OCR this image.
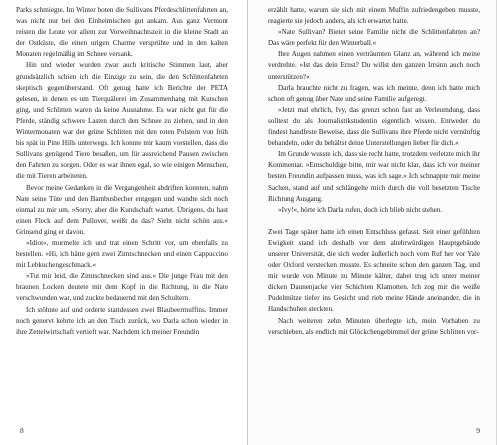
Parks schmiegte. Im Winter boten die Sullivans Pferdeschlittenfahrten an, was nicht nur bei den Einheimischen gut ankam. Aus ganz Vermont reisten die Leute vor allem zur Vorweihnachtszeit in die kleine Stadt an der Ostküste, die einen urigen Charme versprühte und in den kalten Monaten regelmäßig im Schnee versank.

Hin und wieder wurden zwar auch kritische Stimmen laut, aber grundsätzlich schien ich die Einzige zu sein, die den Schlittenfahrten skeptisch gegenüberstand. Oft genug hatte ich Berichte der PETA gelesen, in denen es um Tierquälerei im Zusammenhang mit Kutschen ging, und Schlitten waren da keine Ausnahme. Es war nicht gut für die Pferde, ständig schwere Lasten durch den Schnee zu ziehen, und in den Wintermonaten war der grüne Schlitten mit den roten Polstern von früh bis spät in Pine Hills unterwegs. Ich konnte mir kaum vorstellen, dass die Sullivans genügend Tiere besaßen, um für ausreichend Pausen zwischen den Fahrten zu sorgen. Oder es war ihnen egal, so wie einigen Menschen, die mit Tieren arbeiteten.

Bevor meine Gedanken in die Vergangenheit abdriften konnten, nahm Nate seine Tüte und den Bambusbecher entgegen und wandte sich noch einmal zu mir um. »Sorry, aber die Kundschaft wartet. Übrigens, du hast einen Fleck auf dem Pullover, weißt du das? Sieht nicht schön aus.« Grinsend ging er davon.

»Idiot«, murmelte ich und trat einen Schritt vor, um ebenfalls zu bestellen. »Hi, ich hätte gern zwei Zimtschnecken und einen Cappuccino mit Lebkuchengeschmack.«

»Tut mir leid, die Zimtschnecken sind aus.« Die junge Frau mit den braunen Locken deutete mit dem Kopf in die Richtung, in die Nate verschwunden war, und zuckte bedauernd mit den Schultern.

Ich stöhnte auf und orderte stattdessen zwei Blaubeermuffins. Immer noch genervt kehrte ich an den Tisch zurück, wo Darla schon wieder in ihre Zettelwirtschaft vertieft war. Nachdem ich meiner Freundin

8

erzählt hatte, warum sie sich mit einem Muffin zufriedengeben musste, reagierte sie jedoch anders, als ich erwartet hatte.

»Nate Sullivan? Bietet seine Familie nicht die Schlittenfahrten an? Das wäre perfekt für den Winterball.«

Ihre Augen nahmen einen verträumten Glanz an, während ich meine verdrehte. »Ist das dein Ernst? Du willst den ganzen Irrsinn auch noch unterstützen?«

Darla brauchte nicht zu fragen, was ich meinte, denn ich hatte mich schon oft genug über Nate und seine Familie aufgeregt.

»Jetzt mal ehrlich, Ivy, das grenzt schon fast an Verleumdung, dass solltest du als Journalistikstudentin eigentlich wissen. Entweder du findest handfeste Beweise, dass die Sullivans ihre Pferde nicht vernünftig behandeln, oder du behältst deine Unterstellungen lieber für dich.«

Im Grunde wusste ich, dass sie recht hatte, trotzdem verletzte mich ihr Kommentar. »Entschuldige bitte, mir war nicht klar, dass ich vor meiner besten Freundin aufpassen muss, was ich sage.« Ich schnappte mir meine Sachen, stand auf und schlängelte mich durch die voll besetzten Tische Richtung Ausgang.

»Ivy!«, hörte ich Darla rufen, doch ich blieb nicht stehen.

Zwei Tage später hatte ich einen Entschluss gefasst. Seit einer gefühlten Ewigkeit stand ich deshalb vor dem altehrwürdigen Hauptgebäude unserer Universität, die sich weder äußerlich noch vom Ruf her vor Yale oder Oxford verstecken musste. Es schneite schon den ganzen Tag, und mir wurde von Minute zu Minute kälter, dabei trug ich unter meiner dicken Daunenjacke vier Schichten Klamotten. Ich zog mir die weiße Pudelmütze tiefer ins Gesicht und rieb meine Hände aneinander, die in Handschuhen steckten.

Nach weiteren zehn Minuten überlegte ich, mein Vorhaben zu verschieben, als endlich mit Glöckchengebimmel der grüne Schlitten vor-

9
